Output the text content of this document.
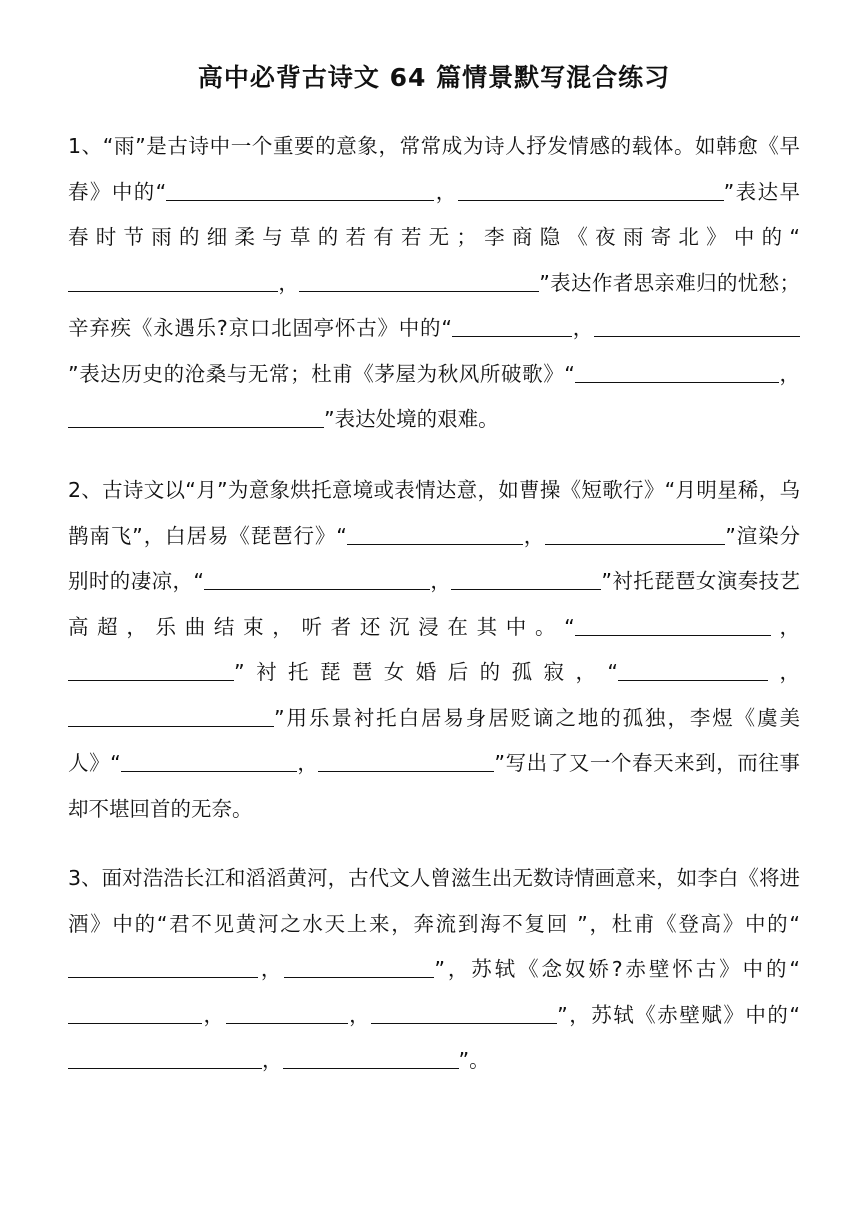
高中必背古诗文 64 篇情景默写混合练习

1、“雨”是古诗中一个重要的意象，常常成为诗人抒发情感的载体。如韩愈《早春》中的“	，	”表达早春时节雨的细柔与草的若有若无；李商隐《夜雨寄北》中的“，	”表达作者思亲难归的忧愁；辛弃疾《永遇乐?京口北固亭怀古》中的“	，”表达历史的沧桑与无常；杜甫《茅屋为秋风所破歌》“	，”表达处境的艰难。

2、古诗文以“月”为意象烘托意境或表情达意，如曹操《短歌行》“月明星稀，乌鹊南飞”，白居易《琵琶行》“	，	”渲染分别时的凄凉，“	，	”衬托琵琶女演奏技艺高超，乐曲结束，听者还沉浸在其中。“	，”衬托琵琶女婚后的孤寂，“	，”用乐景衬托白居易身居贬谪之地的孤独，李煜《虞美人》“	，	”写出了又一个春天来到，而往事却不堪回首的无奈。

3、面对浩浩长江和滔滔黄河，古代文人曾滋生出无数诗情画意来，如李白《将进酒》中的“君不见黄河之水天上来，奔流到海不复回 ”，杜甫《登高》中的“，	”，苏轼《念奴娇?赤壁怀古》中的“，	，	”，苏轼《赤壁赋》中的“，	”。
